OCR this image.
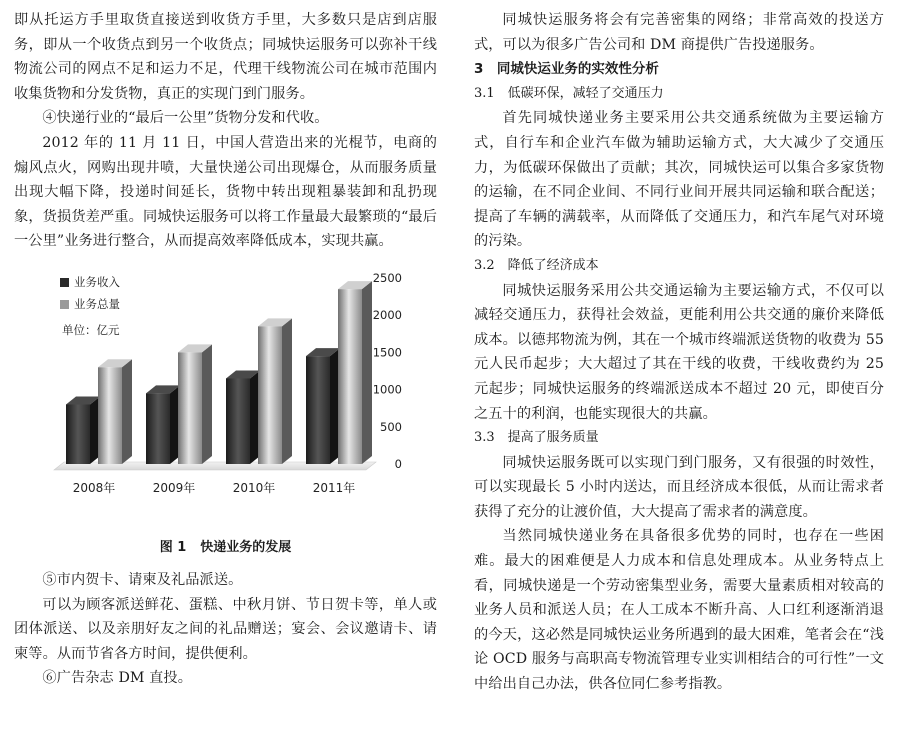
即从托运方手里取货直接送到收货方手里，大多数只是店到店服务，即从一个收货点到另一个收货点；同城快运服务可以弥补干线物流公司的网点不足和运力不足，代理干线物流公司在城市范围内收集货物和分发货物，真正的实现门到门服务。

④快递行业的“最后一公里”货物分发和代收。

2012 年的 11 月 11 日，中国人营造出来的光棍节，电商的煽风点火，网购出现井喷，大量快递公司出现爆仓，从而服务质量出现大幅下降，投递时间延长，货物中转出现粗暴装卸和乱扔现象，货损货差严重。同城快运服务可以将工作量最大最繁琐的“最后一公里”业务进行整合，从而提高效率降低成本，实现共赢。

2008年	2009年	2010年	2011年
0
500
1000
1500
2000
2500
业务收入
业务总量
单位：亿元
图 1 快递业务的发展

⑤市内贺卡、请柬及礼品派送。

可以为顾客派送鲜花、蛋糕、中秋月饼、节日贺卡等，单人或团体派送、以及亲朋好友之间的礼品赠送；宴会、会议邀请卡、请柬等。从而节省各方时间，提供便利。

⑥广告杂志 DM 直投。

同城快运服务将会有完善密集的网络；非常高效的投送方式，可以为很多广告公司和 DM 商提供广告投递服务。

3　同城快运业务的实效性分析

3.1　低碳环保，减轻了交通压力

首先同城快递业务主要采用公共交通系统做为主要运输方式，自行车和企业汽车做为辅助运输方式，大大减少了交通压力，为低碳环保做出了贡献；其次，同城快运可以集合多家货物的运输，在不同企业间、不同行业间开展共同运输和联合配送；提高了车辆的满载率，从而降低了交通压力，和汽车尾气对环境的污染。

3.2　降低了经济成本

同城快运服务采用公共交通运输为主要运输方式，不仅可以减轻交通压力，获得社会效益，更能利用公共交通的廉价来降低成本。以德邦物流为例，其在一个城市终端派送货物的收费为 55 元人民币起步；大大超过了其在干线的收费，干线收费约为 25 元起步；同城快运服务的终端派送成本不超过 20 元，即使百分之五十的利润，也能实现很大的共赢。

3.3　提高了服务质量

同城快运服务既可以实现门到门服务，又有很强的时效性，可以实现最长 5 小时内送达，而且经济成本很低，从而让需求者获得了充分的让渡价值，大大提高了需求者的满意度。

当然同城快递业务在具备很多优势的同时，也存在一些困难。最大的困难便是人力成本和信息处理成本。从业务特点上看，同城快递是一个劳动密集型业务，需要大量素质相对较高的业务人员和派送人员；在人工成本不断升高、人口红利逐渐消退的今天，这必然是同城快运业务所遇到的最大困难，笔者会在“浅论 OCD 服务与高职高专物流管理专业实训相结合的可行性”一文中给出自己办法，供各位同仁参考指教。
